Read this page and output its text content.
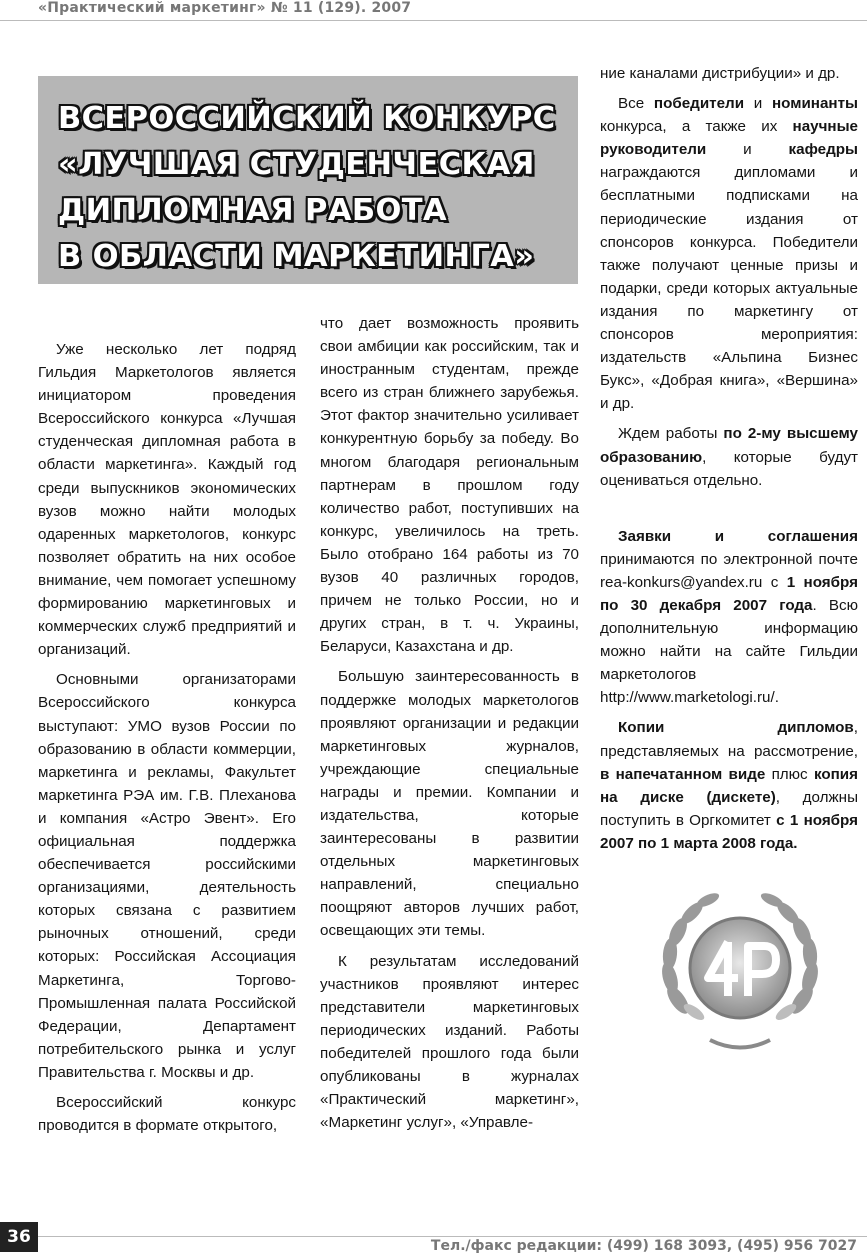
«Практический маркетинг» № 11 (129). 2007
ВСЕРОССИЙСКИЙ КОНКУРС
«ЛУЧШАЯ СТУДЕНЧЕСКАЯ
ДИПЛОМНАЯ РАБОТА
В ОБЛАСТИ МАРКЕТИНГА»

Уже несколько лет подряд Гильдия Маркетологов является инициатором проведения Всероссийского конкурса «Лучшая студенческая дипломная работа в области маркетинга». Каждый год среди выпускников экономических вузов можно найти молодых одаренных маркетологов, конкурс позволяет обратить на них особое внимание, чем помогает успешному формированию маркетинговых и коммерческих служб предприятий и организаций.

Основными организаторами Всероссийского конкурса выступают: УМО вузов России по образованию в области коммерции, маркетинга и рекламы, Факультет маркетинга РЭА им. Г.В. Плеханова и компания «Астро Эвент». Его официальная поддержка обеспечивается российскими организациями, деятельность которых связана с развитием рыночных отношений, среди которых: Российская Ассоциация Маркетинга, Торгово-Промышленная палата Российской Федерации, Департамент потребительского рынка и услуг Правительства г. Москвы и др.

Всероссийский конкурс проводится в формате открытого,

что дает возможность проявить свои амбиции как российским, так и иностранным студентам, прежде всего из стран ближнего зарубежья. Этот фактор значительно усиливает конкурентную борьбу за победу. Во многом благодаря региональным партнерам в прошлом году количество работ, поступивших на конкурс, увеличилось на треть. Было отобрано 164 работы из 70 вузов 40 различных городов, причем не только России, но и других стран, в т. ч. Украины, Беларуси, Казахстана и др.

Большую заинтересованность в поддержке молодых маркетологов проявляют организации и редакции маркетинговых журналов, учреждающие специальные награды и премии. Компании и издательства, которые заинтересованы в развитии отдельных маркетинговых направлений, специально поощряют авторов лучших работ, освещающих эти темы.

К результатам исследований участников проявляют интерес представители маркетинговых периодических изданий. Работы победителей прошлого года были опубликованы в журналах «Практический маркетинг», «Маркетинг услуг», «Управле-

ние каналами дистрибуции» и др.

Все победители и номинанты конкурса, а также их научные руководители и кафедры награждаются дипломами и бесплатными подписками на периодические издания от спонсоров конкурса. Победители также получают ценные призы и подарки, среди которых актуальные издания по маркетингу от спонсоров мероприятия: издательств «Альпина Бизнес Букс», «Добрая книга», «Вершина» и др.

Ждем работы по 2-му высшему образованию, которые будут оцениваться отдельно.

Заявки и соглашения принимаются по электронной почте rea-konkurs@yandex.ru с 1 ноября по 30 декабря 2007 года. Всю дополнительную информацию можно найти на сайте Гильдии маркетологов http://www.marketologi.ru/.

Копии дипломов, представляемых на рассмотрение, в напечатанном виде плюс копия на диске (дискете), должны поступить в Оргкомитет с 1 ноября 2007 по 1 марта 2008 года.

36	Тел./факс редакции: (499) 168 3093, (495) 956 7027
